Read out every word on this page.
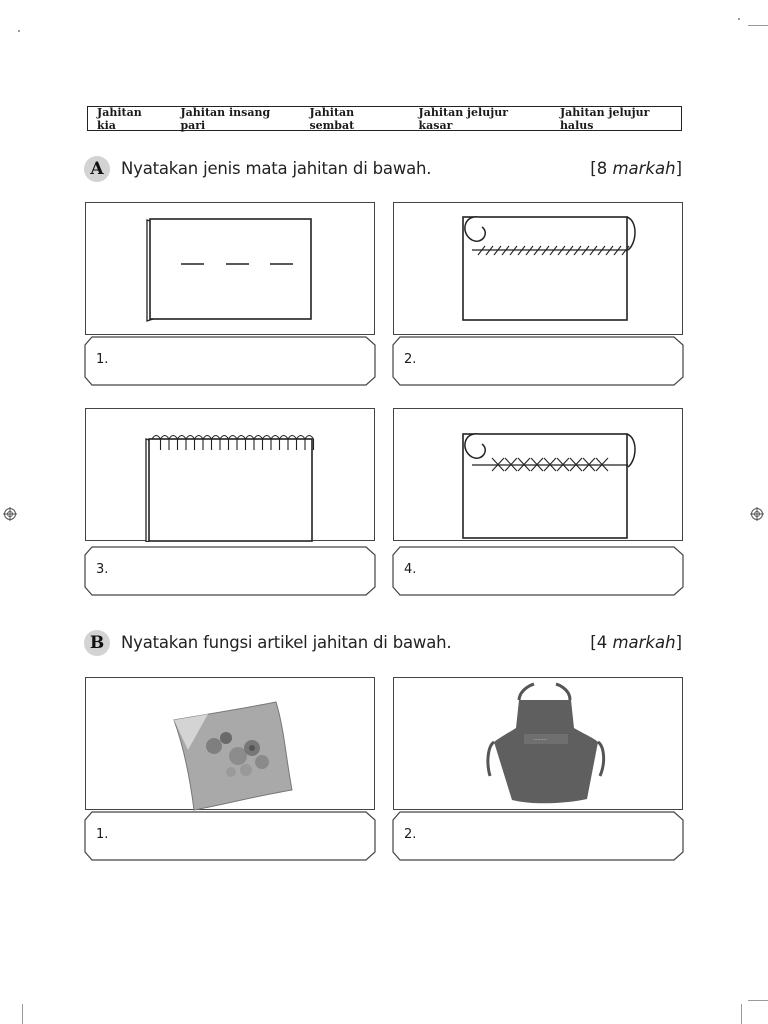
Jahitan kia
Jahitan insang pari
Jahitan sembat
Jahitan jelujur kasar
Jahitan jelujur halus
A	Nyatakan jenis mata jahitan di bawah.	[8 markah]
1.	2.
3.	4.
B	Nyatakan fungsi artikel jahitan di bawah.	[4 markah]
~~~~
1.	2.
